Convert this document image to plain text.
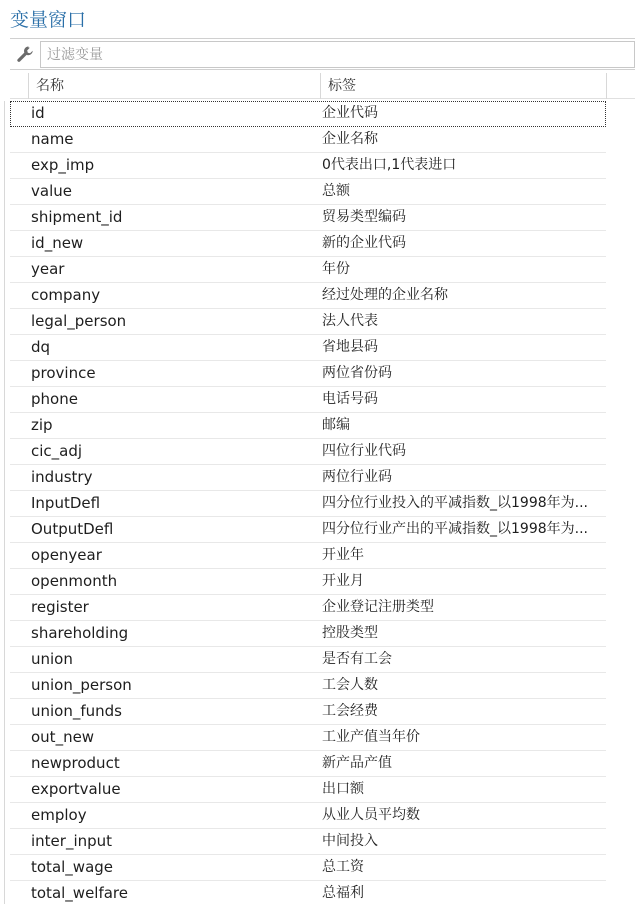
变量窗口
过滤变量
名称	标签
id	企业代码
name	企业名称
exp_imp	0代表出口,1代表进口
value	总额
shipment_id	贸易类型编码
id_new	新的企业代码
year	年份
company	经过处理的企业名称
legal_person	法人代表
dq	省地县码
province	两位省份码
phone	电话号码
zip	邮编
cic_adj	四位行业代码
industry	两位行业码
InputDefl	四分位行业投入的平减指数_以1998年为...
OutputDefl	四分位行业产出的平减指数_以1998年为...
openyear	开业年
openmonth	开业月
register	企业登记注册类型
shareholding	控股类型
union	是否有工会
union_person	工会人数
union_funds	工会经费
out_new	工业产值当年价
newproduct	新产品产值
exportvalue	出口额
employ	从业人员平均数
inter_input	中间投入
total_wage	总工资
total_welfare	总福利
